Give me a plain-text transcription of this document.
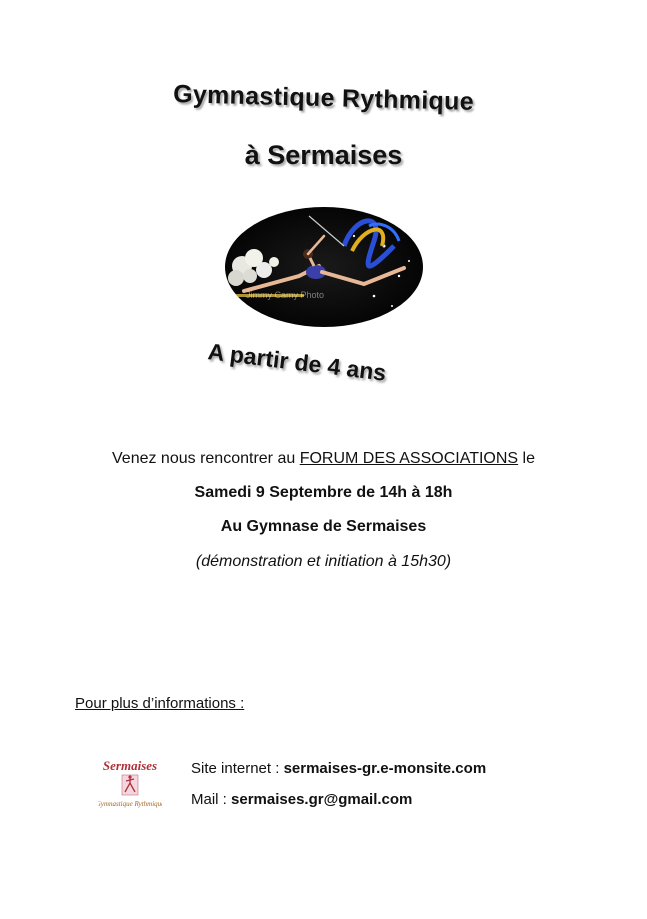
Gymnastique Rythmique
à Sermaises
Jimmy Camy Photo
A partir de 4 ans
Venez nous rencontrer au FORUM DES ASSOCIATIONS le
Samedi 9 Septembre de 14h à 18h
Au Gymnase de Sermaises
(démonstration et initiation à 15h30)
Pour plus d’informations :
Sermaises
Gymnastique Rythmique
Site internet : sermaises-gr.e-monsite.com
Mail : sermaises.gr@gmail.com
